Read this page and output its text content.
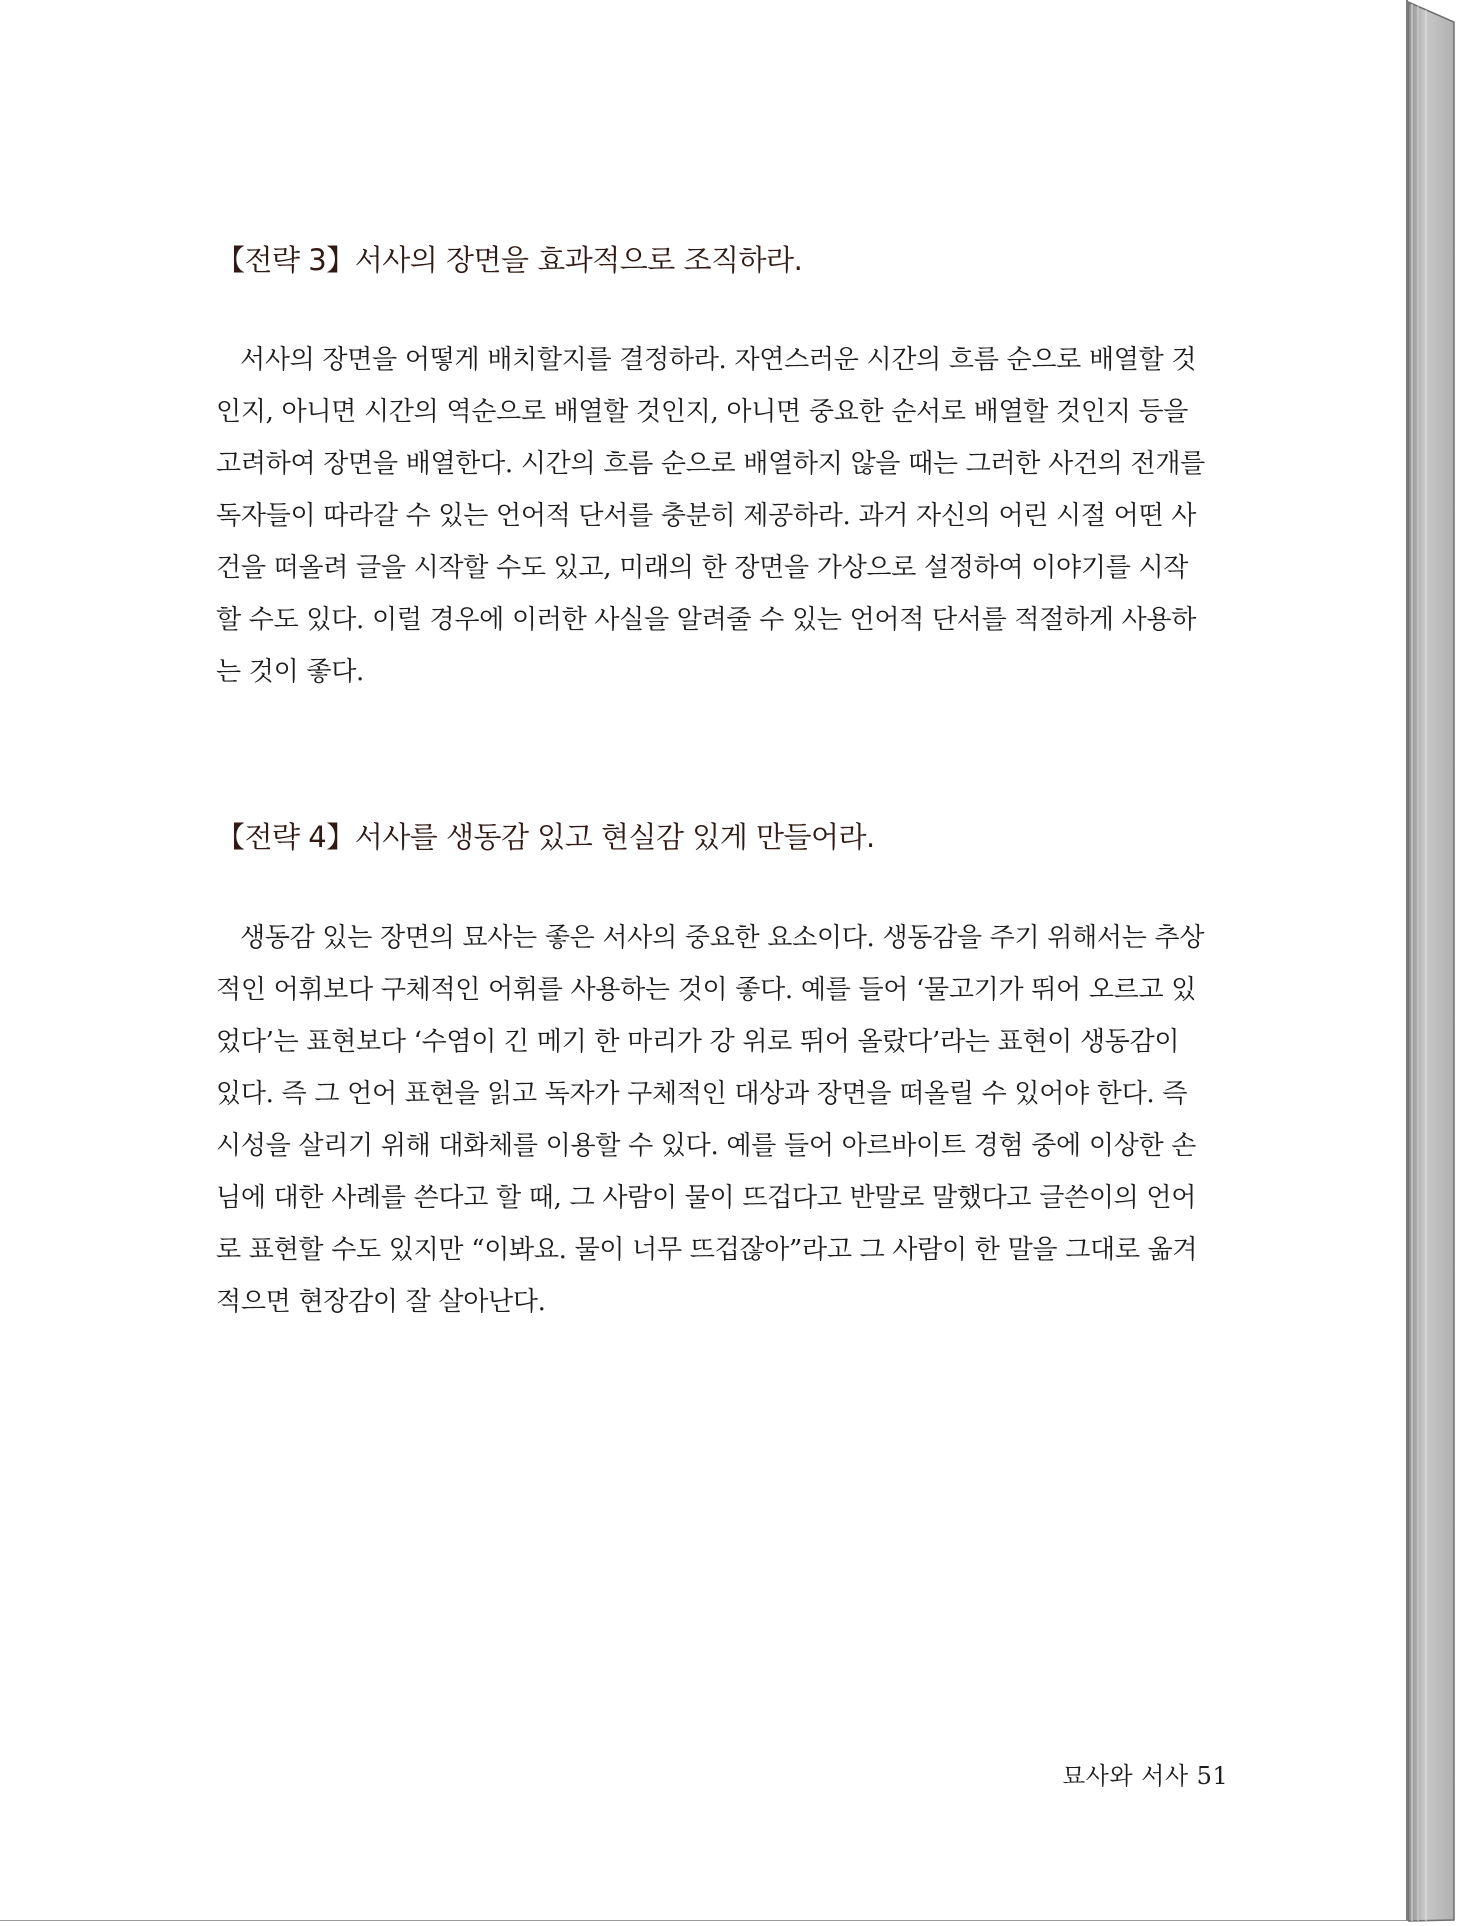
【전략 3】서사의 장면을 효과적으로 조직하라.

서사의 장면을 어떻게 배치할지를 결정하라. 자연스러운 시간의 흐름 순으로 배열할 것
인지, 아니면 시간의 역순으로 배열할 것인지, 아니면 중요한 순서로 배열할 것인지 등을
고려하여 장면을 배열한다. 시간의 흐름 순으로 배열하지 않을 때는 그러한 사건의 전개를
독자들이 따라갈 수 있는 언어적 단서를 충분히 제공하라. 과거 자신의 어린 시절 어떤 사
건을 떠올려 글을 시작할 수도 있고, 미래의 한 장면을 가상으로 설정하여 이야기를 시작
할 수도 있다. 이럴 경우에 이러한 사실을 알려줄 수 있는 언어적 단서를 적절하게 사용하
는 것이 좋다.

【전략 4】서사를 생동감 있고 현실감 있게 만들어라.

생동감 있는 장면의 묘사는 좋은 서사의 중요한 요소이다. 생동감을 주기 위해서는 추상
적인 어휘보다 구체적인 어휘를 사용하는 것이 좋다. 예를 들어 ‘물고기가 뛰어 오르고 있
었다’는 표현보다 ‘수염이 긴 메기 한 마리가 강 위로 뛰어 올랐다’라는 표현이 생동감이
있다. 즉 그 언어 표현을 읽고 독자가 구체적인 대상과 장면을 떠올릴 수 있어야 한다. 즉
시성을 살리기 위해 대화체를 이용할 수 있다. 예를 들어 아르바이트 경험 중에 이상한 손
님에 대한 사례를 쓴다고 할 때, 그 사람이 물이 뜨겁다고 반말로 말했다고 글쓴이의 언어
로 표현할 수도 있지만 “이봐요. 물이 너무 뜨겁잖아”라고 그 사람이 한 말을 그대로 옮겨
적으면 현장감이 잘 살아난다.

묘사와 서사 51
